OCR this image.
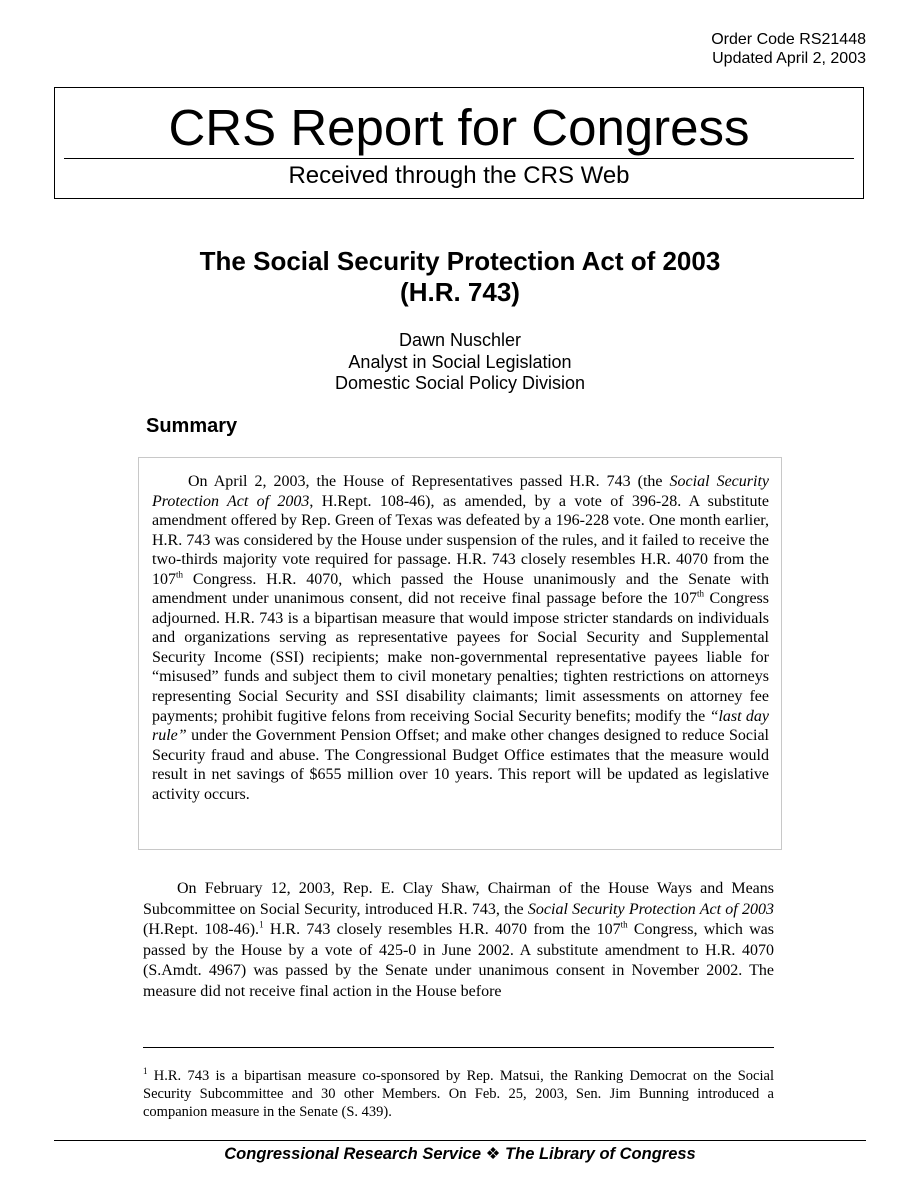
Order Code RS21448
Updated April 2, 2003
CRS Report for Congress
Received through the CRS Web
The Social Security Protection Act of 2003
(H.R. 743)
Dawn Nuschler
Analyst in Social Legislation
Domestic Social Policy Division
Summary

On April 2, 2003, the House of Representatives passed H.R. 743 (the Social Security Protection Act of 2003, H.Rept. 108-46), as amended, by a vote of 396-28. A substitute amendment offered by Rep. Green of Texas was defeated by a 196-228 vote. One month earlier, H.R. 743 was considered by the House under suspension of the rules, and it failed to receive the two-thirds majority vote required for passage. H.R. 743 closely resembles H.R. 4070 from the 107th Congress. H.R. 4070, which passed the House unanimously and the Senate with amendment under unanimous consent, did not receive final passage before the 107th Congress adjourned. H.R. 743 is a bipartisan measure that would impose stricter standards on individuals and organizations serving as representative payees for Social Security and Supplemental Security Income (SSI) recipients; make non-governmental representative payees liable for “misused” funds and subject them to civil monetary penalties; tighten restrictions on attorneys representing Social Security and SSI disability claimants; limit assessments on attorney fee payments; prohibit fugitive felons from receiving Social Security benefits; modify the “last day rule” under the Government Pension Offset; and make other changes designed to reduce Social Security fraud and abuse. The Congressional Budget Office estimates that the measure would result in net savings of $655 million over 10 years. This report will be updated as legislative activity occurs.

On February 12, 2003, Rep. E. Clay Shaw, Chairman of the House Ways and Means Subcommittee on Social Security, introduced H.R. 743, the Social Security Protection Act of 2003 (H.Rept. 108-46).$^1$ H.R. 743 closely resembles H.R. 4070 from the 107th Congress, which was passed by the House by a vote of 425-0 in June 2002. A substitute amendment to H.R. 4070 (S.Amdt. 4967) was passed by the Senate under unanimous consent in November 2002. The measure did not receive final action in the House before

$^1$ H.R. 743 is a bipartisan measure co-sponsored by Rep. Matsui, the Ranking Democrat on the Social Security Subcommittee and 30 other Members. On Feb. 25, 2003, Sen. Jim Bunning introduced a companion measure in the Senate (S. 439).

Congressional Research Service ❖ The Library of Congress
